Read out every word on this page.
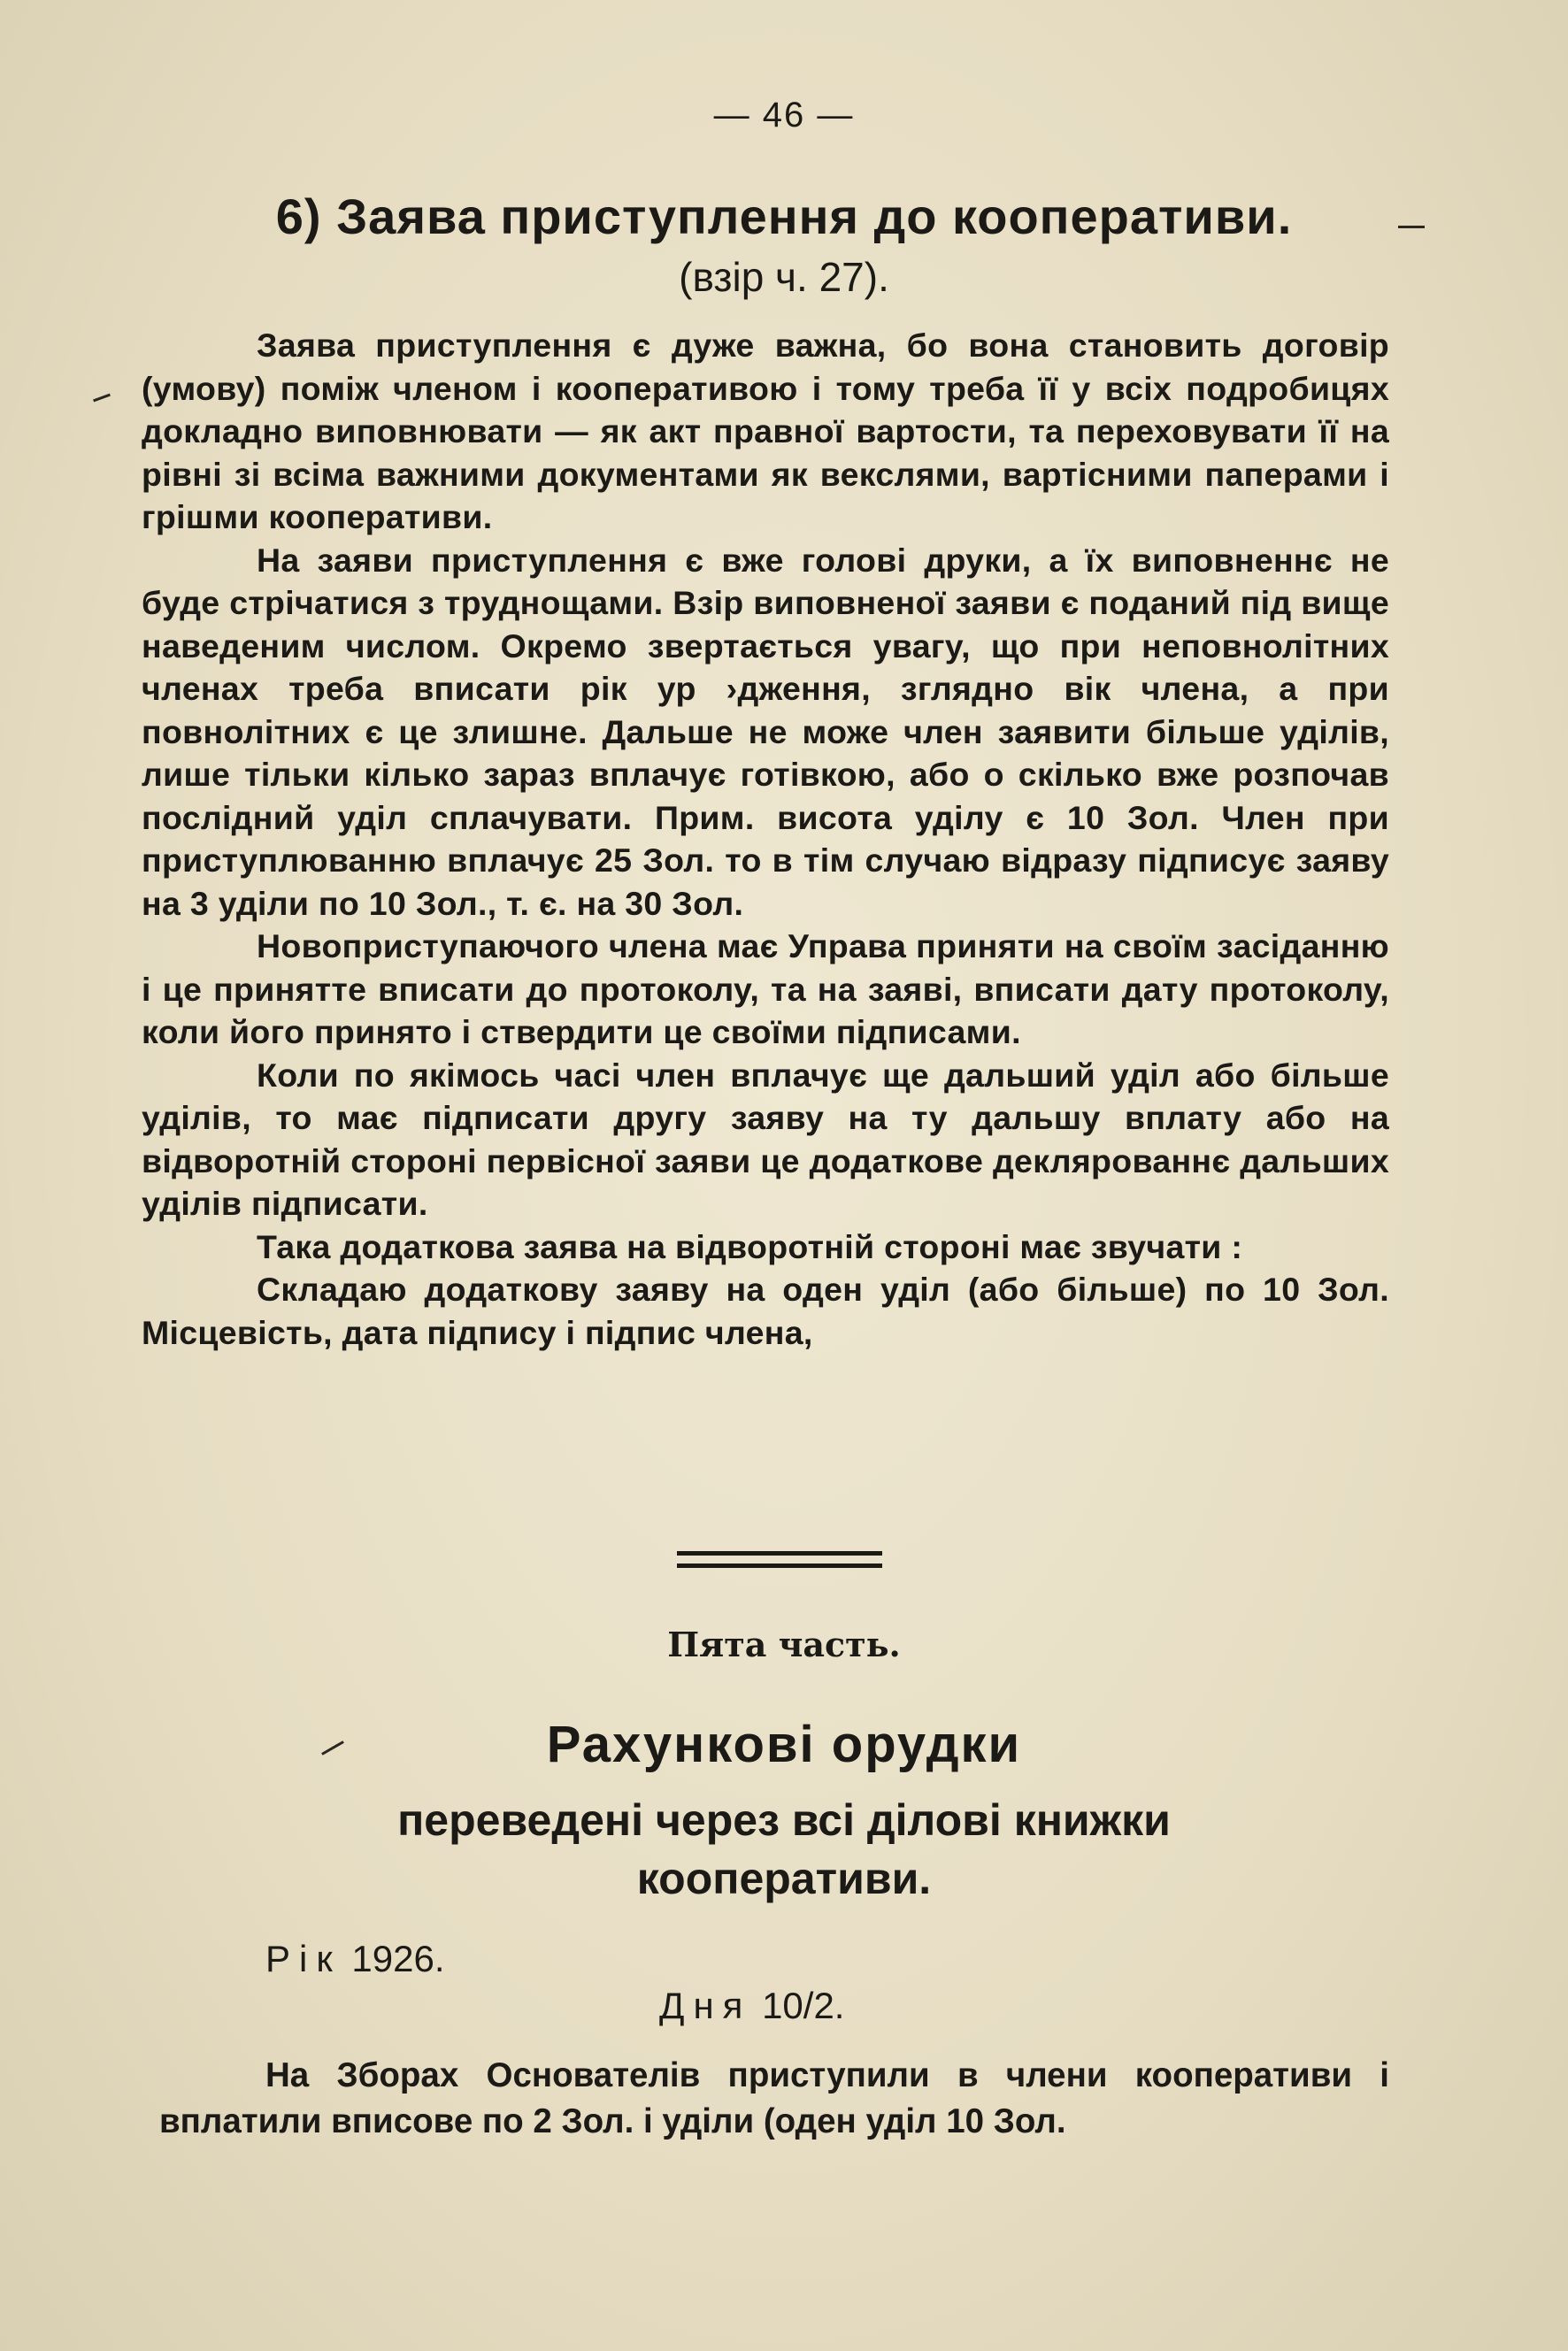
— 46 —
6) Заява приступлення до кооперативи.
(взір ч. 27).

Заява приступлення є дуже важна, бо вона становить договір (умову) поміж членом і кооперативою і тому треба її у всіх подробицях докладно виповнювати — як акт правної вартости, та переховувати її на рівні зі всіма важними документами як векслями, вартісними паперами і грішми кооперативи.

На заяви приступлення є вже голові друки, а їх виповненнє не буде стрічатися з труднощами. Взір виповненої заяви є поданий під вище наведеним числом. Окремо звертається увагу, що при неповнолітних членах треба вписати рік ур ›дження, зглядно вік члена, а при повнолітних є це злишне. Дальше не може член заявити більше уділів, лише тільки кілько зараз вплачує готівкою, або о скілько вже розпочав послідний уділ сплачувати. Прим. висота уділу є 10 Зол. Член при приступлюванню вплачує 25 Зол. то в тім случаю відразу підписує заяву на 3 уділи по 10 Зол., т. є. на 30 Зол.

Новоприступаючого члена має Управа приняти на своїм засіданню і це принятте вписати до протоколу, та на заяві, вписати дату протоколу, коли його принято і ствердити це своїми підписами.

Коли по якімось часі член вплачує ще дальший уділ або більше уділів, то має підписати другу заяву на ту дальшу вплату або на відворотній стороні первісної заяви це додаткове деклярованнє дальших уділів підписати.

Така додаткова заява на відворотній стороні має звучати :

Складаю додаткову заяву на оден уділ (або більше) по 10 Зол. Місцевість, дата підпису і підпис члена,

Пята часть.
Рахункові орудки
переведені через всі ділові книжки
кооперативи.
Рік 1926.
Дня 10/2.

На Зборах Основателів приступили в члени кооперативи і вплатили вписове по 2 Зол. і уділи (оден уділ 10 Зол.
